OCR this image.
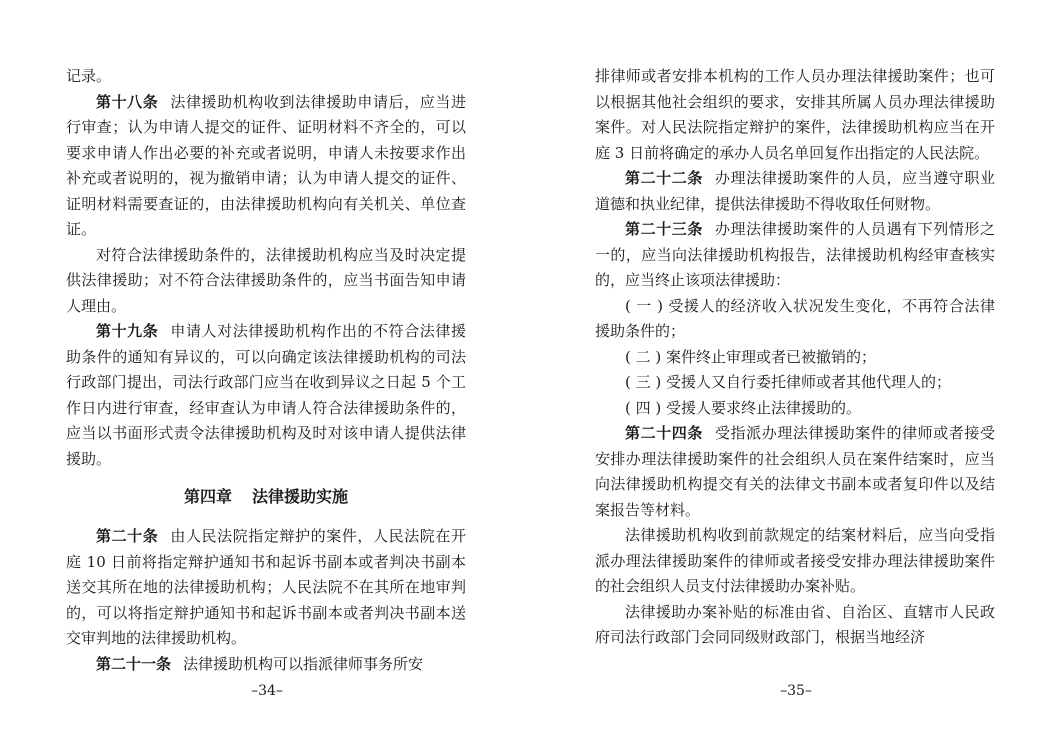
记录。

第十八条 法律援助机构收到法律援助申请后，应当进行审查；认为申请人提交的证件、证明材料不齐全的，可以要求申请人作出必要的补充或者说明，申请人未按要求作出补充或者说明的，视为撤销申请；认为申请人提交的证件、证明材料需要查证的，由法律援助机构向有关机关、单位查证。

对符合法律援助条件的，法律援助机构应当及时决定提供法律援助；对不符合法律援助条件的，应当书面告知申请人理由。

第十九条 申请人对法律援助机构作出的不符合法律援助条件的通知有异议的，可以向确定该法律援助机构的司法行政部门提出，司法行政部门应当在收到异议之日起 5 个工作日内进行审查，经审查认为申请人符合法律援助条件的，应当以书面形式责令法律援助机构及时对该申请人提供法律援助。

第四章 法律援助实施

第二十条 由人民法院指定辩护的案件，人民法院在开庭 10 日前将指定辩护通知书和起诉书副本或者判决书副本送交其所在地的法律援助机构；人民法院不在其所在地审判的，可以将指定辩护通知书和起诉书副本或者判决书副本送交审判地的法律援助机构。

第二十一条 法律援助机构可以指派律师事务所安

–34–

排律师或者安排本机构的工作人员办理法律援助案件；也可以根据其他社会组织的要求，安排其所属人员办理法律援助案件。对人民法院指定辩护的案件，法律援助机构应当在开庭 3 日前将确定的承办人员名单回复作出指定的人民法院。

第二十二条 办理法律援助案件的人员，应当遵守职业道德和执业纪律，提供法律援助不得收取任何财物。

第二十三条 办理法律援助案件的人员遇有下列情形之一的，应当向法律援助机构报告，法律援助机构经审查核实的，应当终止该项法律援助：

( 一 ) 受援人的经济收入状况发生变化，不再符合法律援助条件的；

( 二 ) 案件终止审理或者已被撤销的；

( 三 ) 受援人又自行委托律师或者其他代理人的；

( 四 ) 受援人要求终止法律援助的。

第二十四条 受指派办理法律援助案件的律师或者接受安排办理法律援助案件的社会组织人员在案件结案时，应当向法律援助机构提交有关的法律文书副本或者复印件以及结案报告等材料。

法律援助机构收到前款规定的结案材料后，应当向受指派办理法律援助案件的律师或者接受安排办理法律援助案件的社会组织人员支付法律援助办案补贴。

法律援助办案补贴的标准由省、自治区、直辖市人民政府司法行政部门会同同级财政部门，根据当地经济

–35–
